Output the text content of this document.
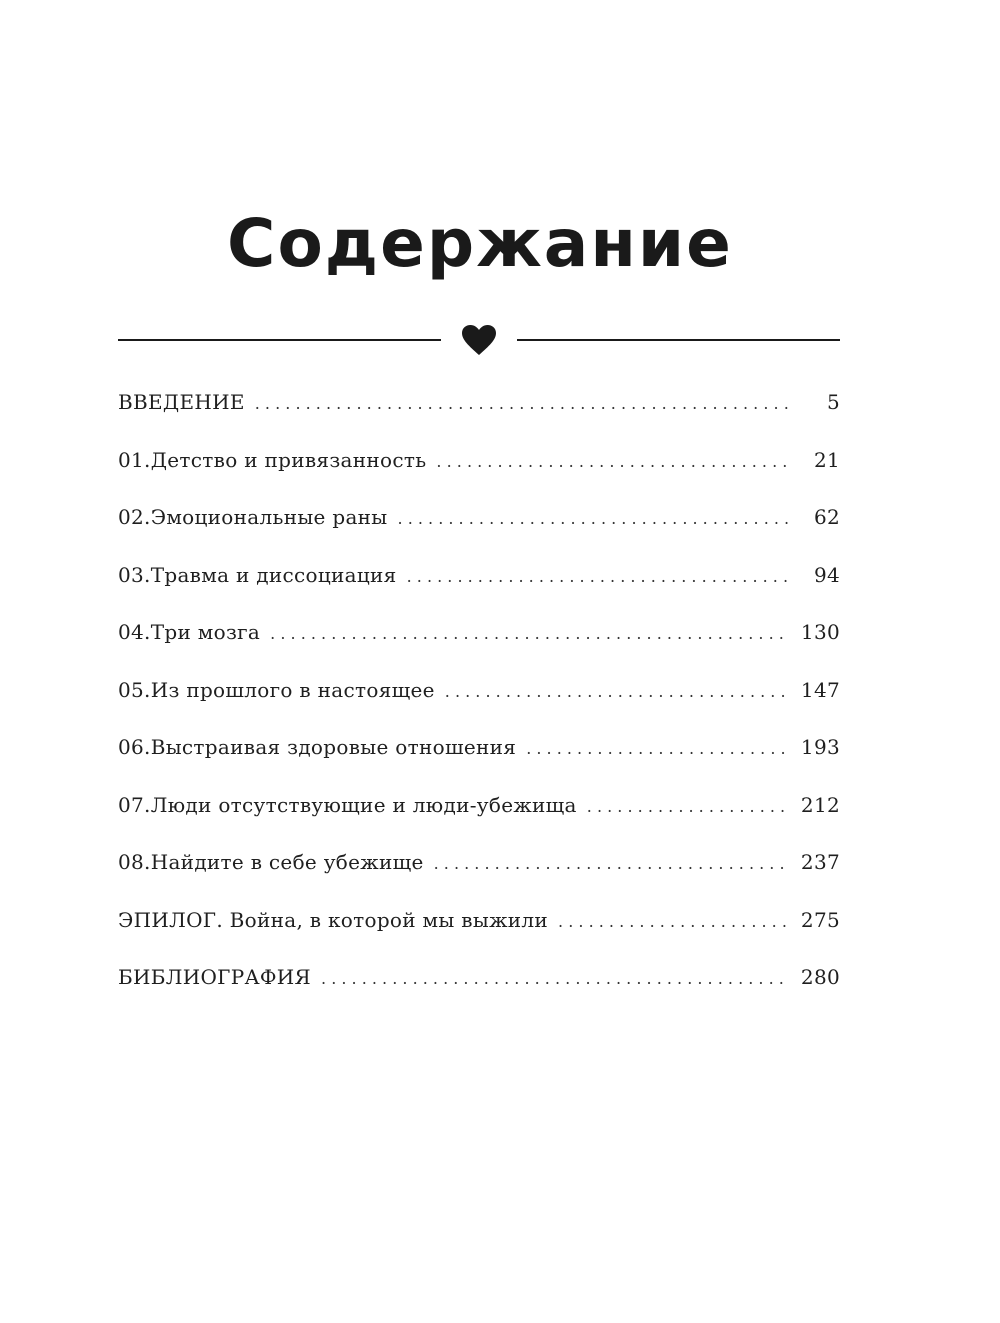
Содержание
ВВЕДЕНИЕ . . .	5
01. Детство и привязанность . . .	21
02. Эмоциональные раны . . .	62
03. Травма и диссоциация . . .	94
04. Три мозга . . .	130
05. Из прошлого в настоящее . . .	147
06. Выстраивая здоровые отношения . . .	193
07. Люди отсутствующие и люди-убежища . . .	212
08. Найдите в себе убежище . . .	237
ЭПИЛОГ. Война, в которой мы выжили . . .	275
БИБЛИОГРАФИЯ . . .	280
